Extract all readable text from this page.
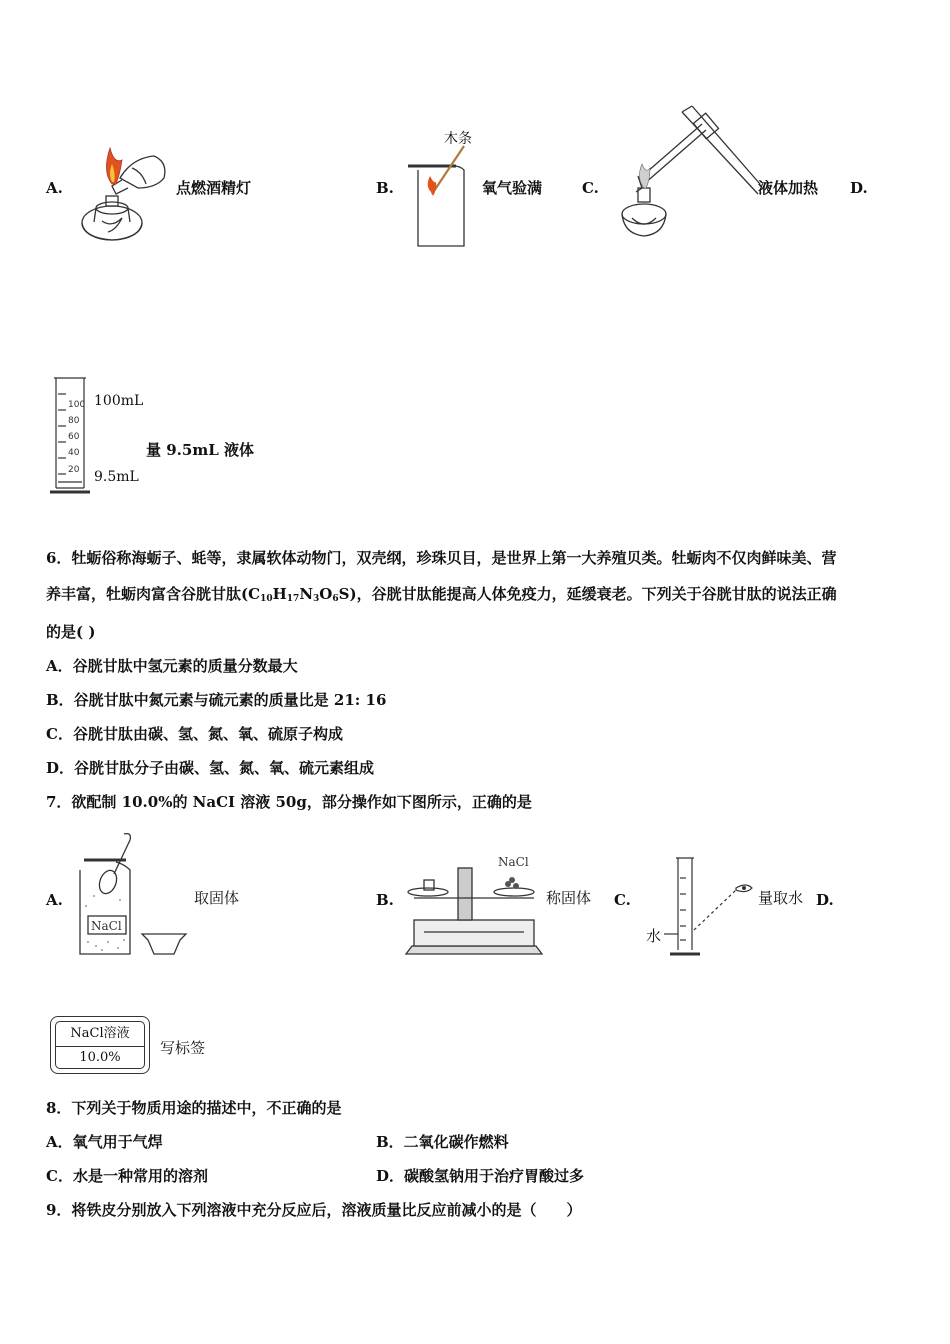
A.	点燃酒精灯	B.
木条
氧气验满	C.	液体加热 D.
100
80
60
40
20
100mL
9.5mL
量 9.5mL 液体
6．牡蛎俗称海蛎子、蚝等，隶属软体动物门，双壳纲，珍珠贝目，是世界上第一大养殖贝类。牡蛎肉不仅肉鲜味美、营
养丰富，牡蛎肉富含谷胱甘肽$(C_{10}H_{17}N_3O_6S)$，谷胱甘肽能提高人体免疫力，延缓衰老。下列关于谷胱甘肽的说法正确
的是( )
A．谷胱甘肽中氢元素的质量分数最大
B．谷胱甘肽中氮元素与硫元素的质量比是 21: 16
C．谷胱甘肽由碳、氢、氮、氧、硫原子构成
D．谷胱甘肽分子由碳、氢、氮、氧、硫元素组成
7．欲配制 10.0%的 NaCI 溶液 50g，部分操作如下图所示，正确的是
A.
NaCl
取固体	B.
NaCl
称固体 C.
水
量取水 D.
NaCl溶液
10.0%
写标签
8．下列关于物质用途的描述中，不正确的是
A．氧气用于气焊	B．二氧化碳作燃料
C．水是一种常用的溶剂	D．碳酸氢钠用于治疗胃酸过多
9．将铁皮分别放入下列溶液中充分反应后，溶液质量比反应前减小的是（　　）
